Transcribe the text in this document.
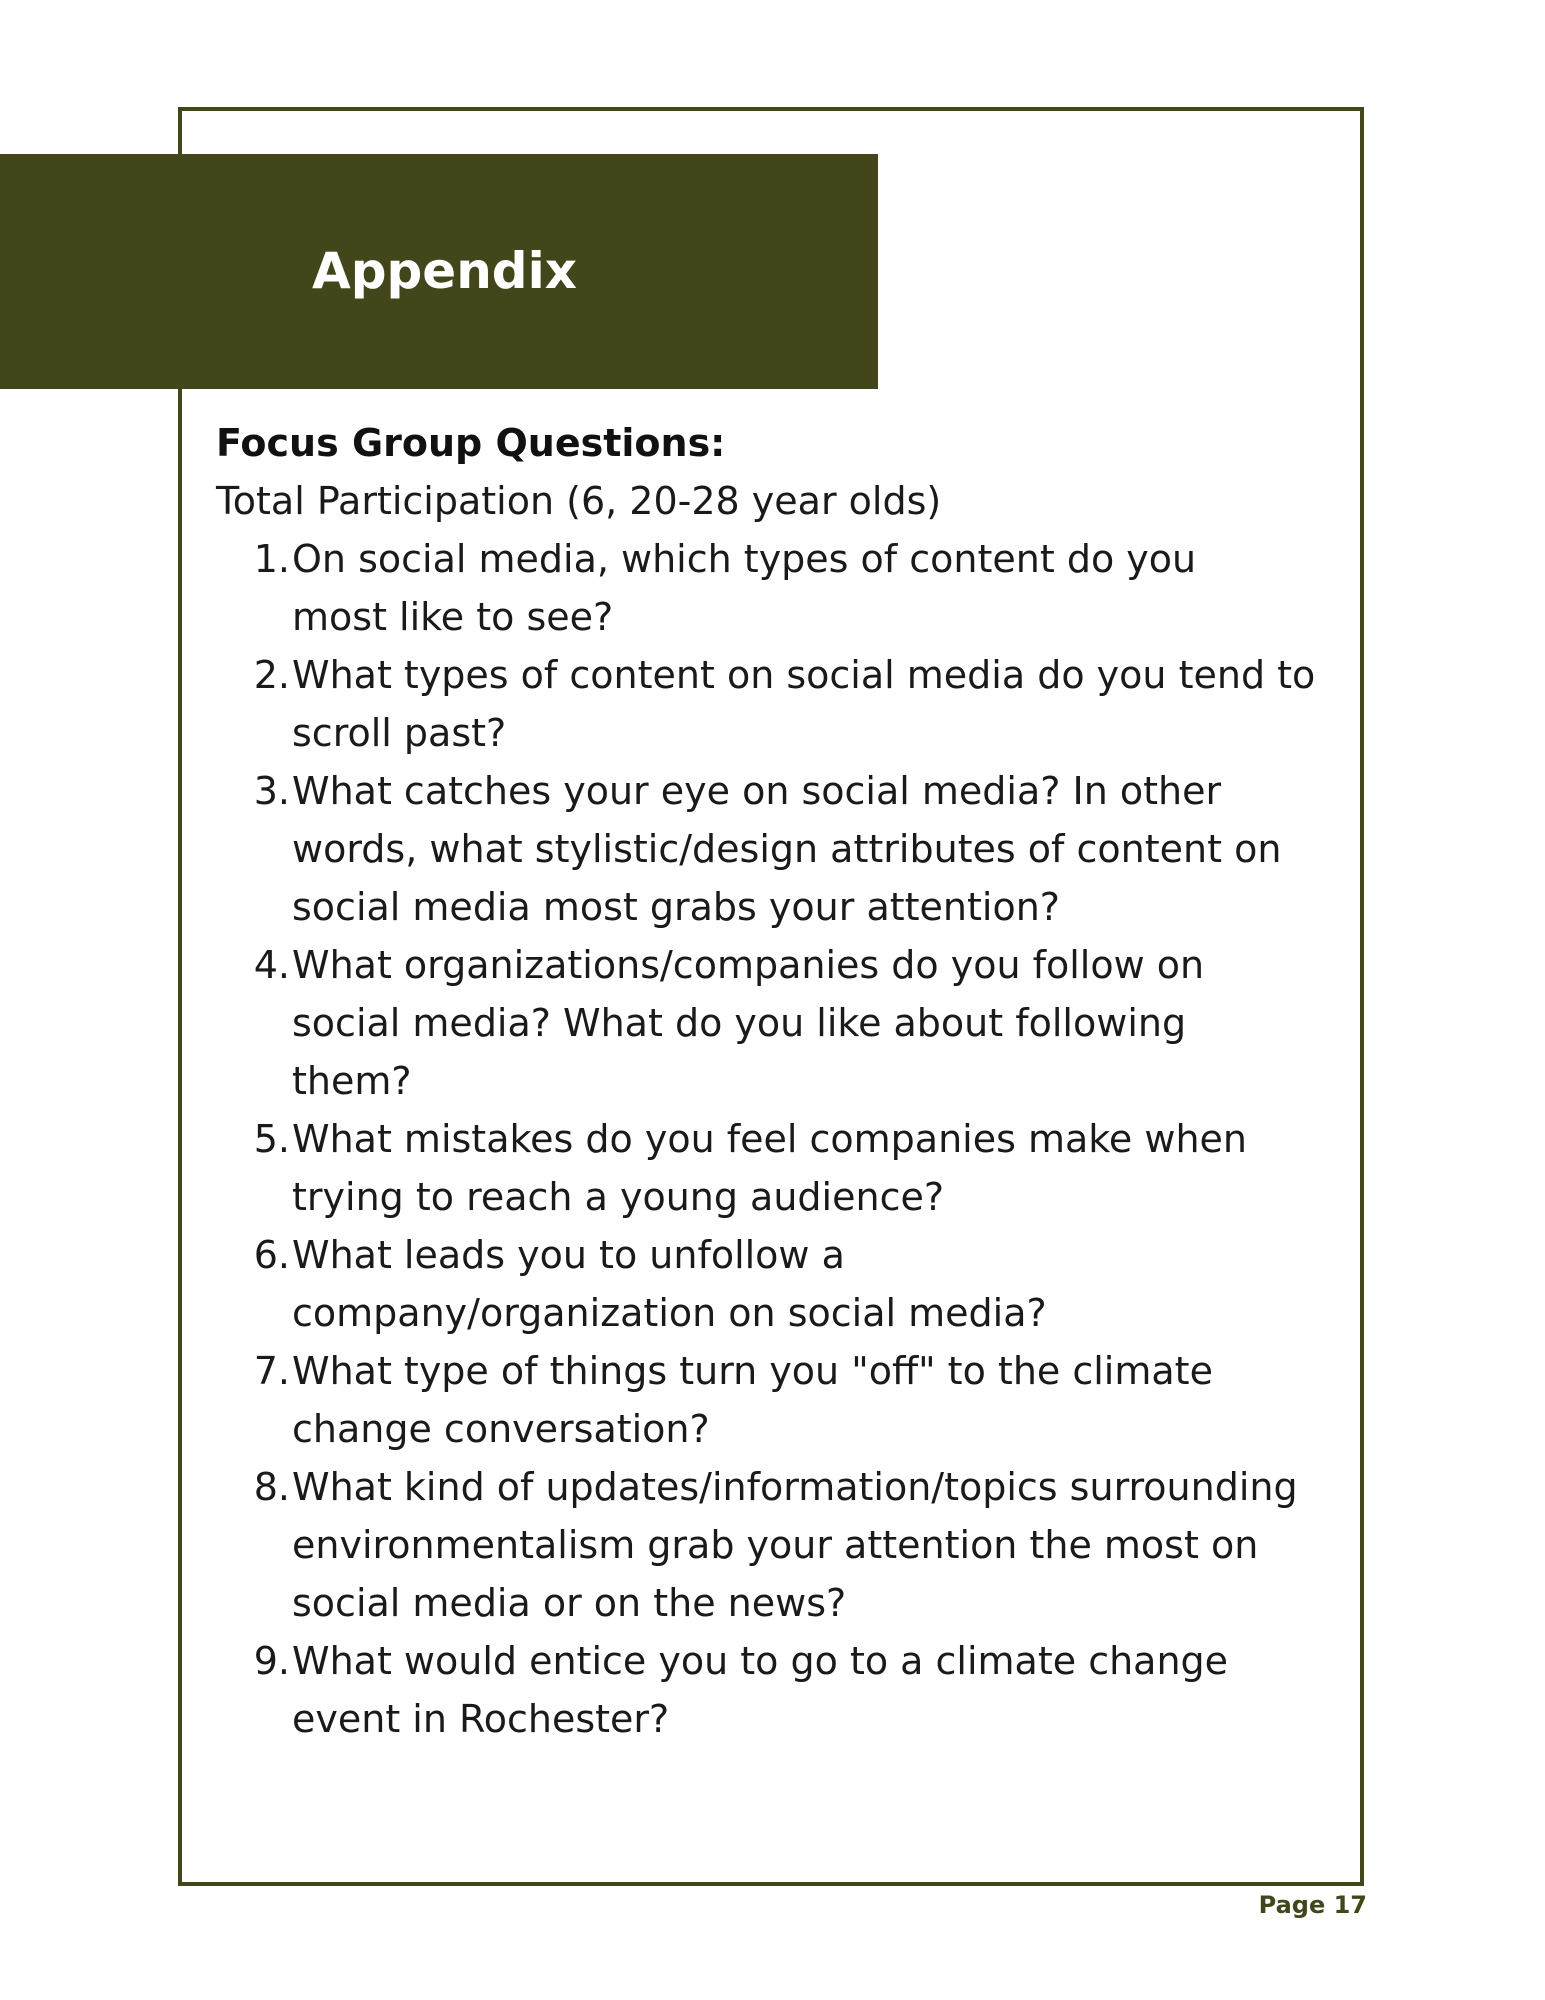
Appendix

Focus Group Questions:

Total Participation (6, 20-28 year olds)

1. On social media, which types of content do you most like to see?
2. What types of content on social media do you tend to scroll past?
3. What catches your eye on social media? In other words, what stylistic/design attributes of content on social media most grabs your attention?
4. What organizations/companies do you follow on social media? What do you like about following them?
5. What mistakes do you feel companies make when trying to reach a young audience?
6. What leads you to unfollow a company/organization on social media?
7. What type of things turn you "off" to the climate change conversation?
8. What kind of updates/information/topics surrounding environmentalism grab your attention the most on social media or on the news?
9. What would entice you to go to a climate change event in Rochester?

Page 17
